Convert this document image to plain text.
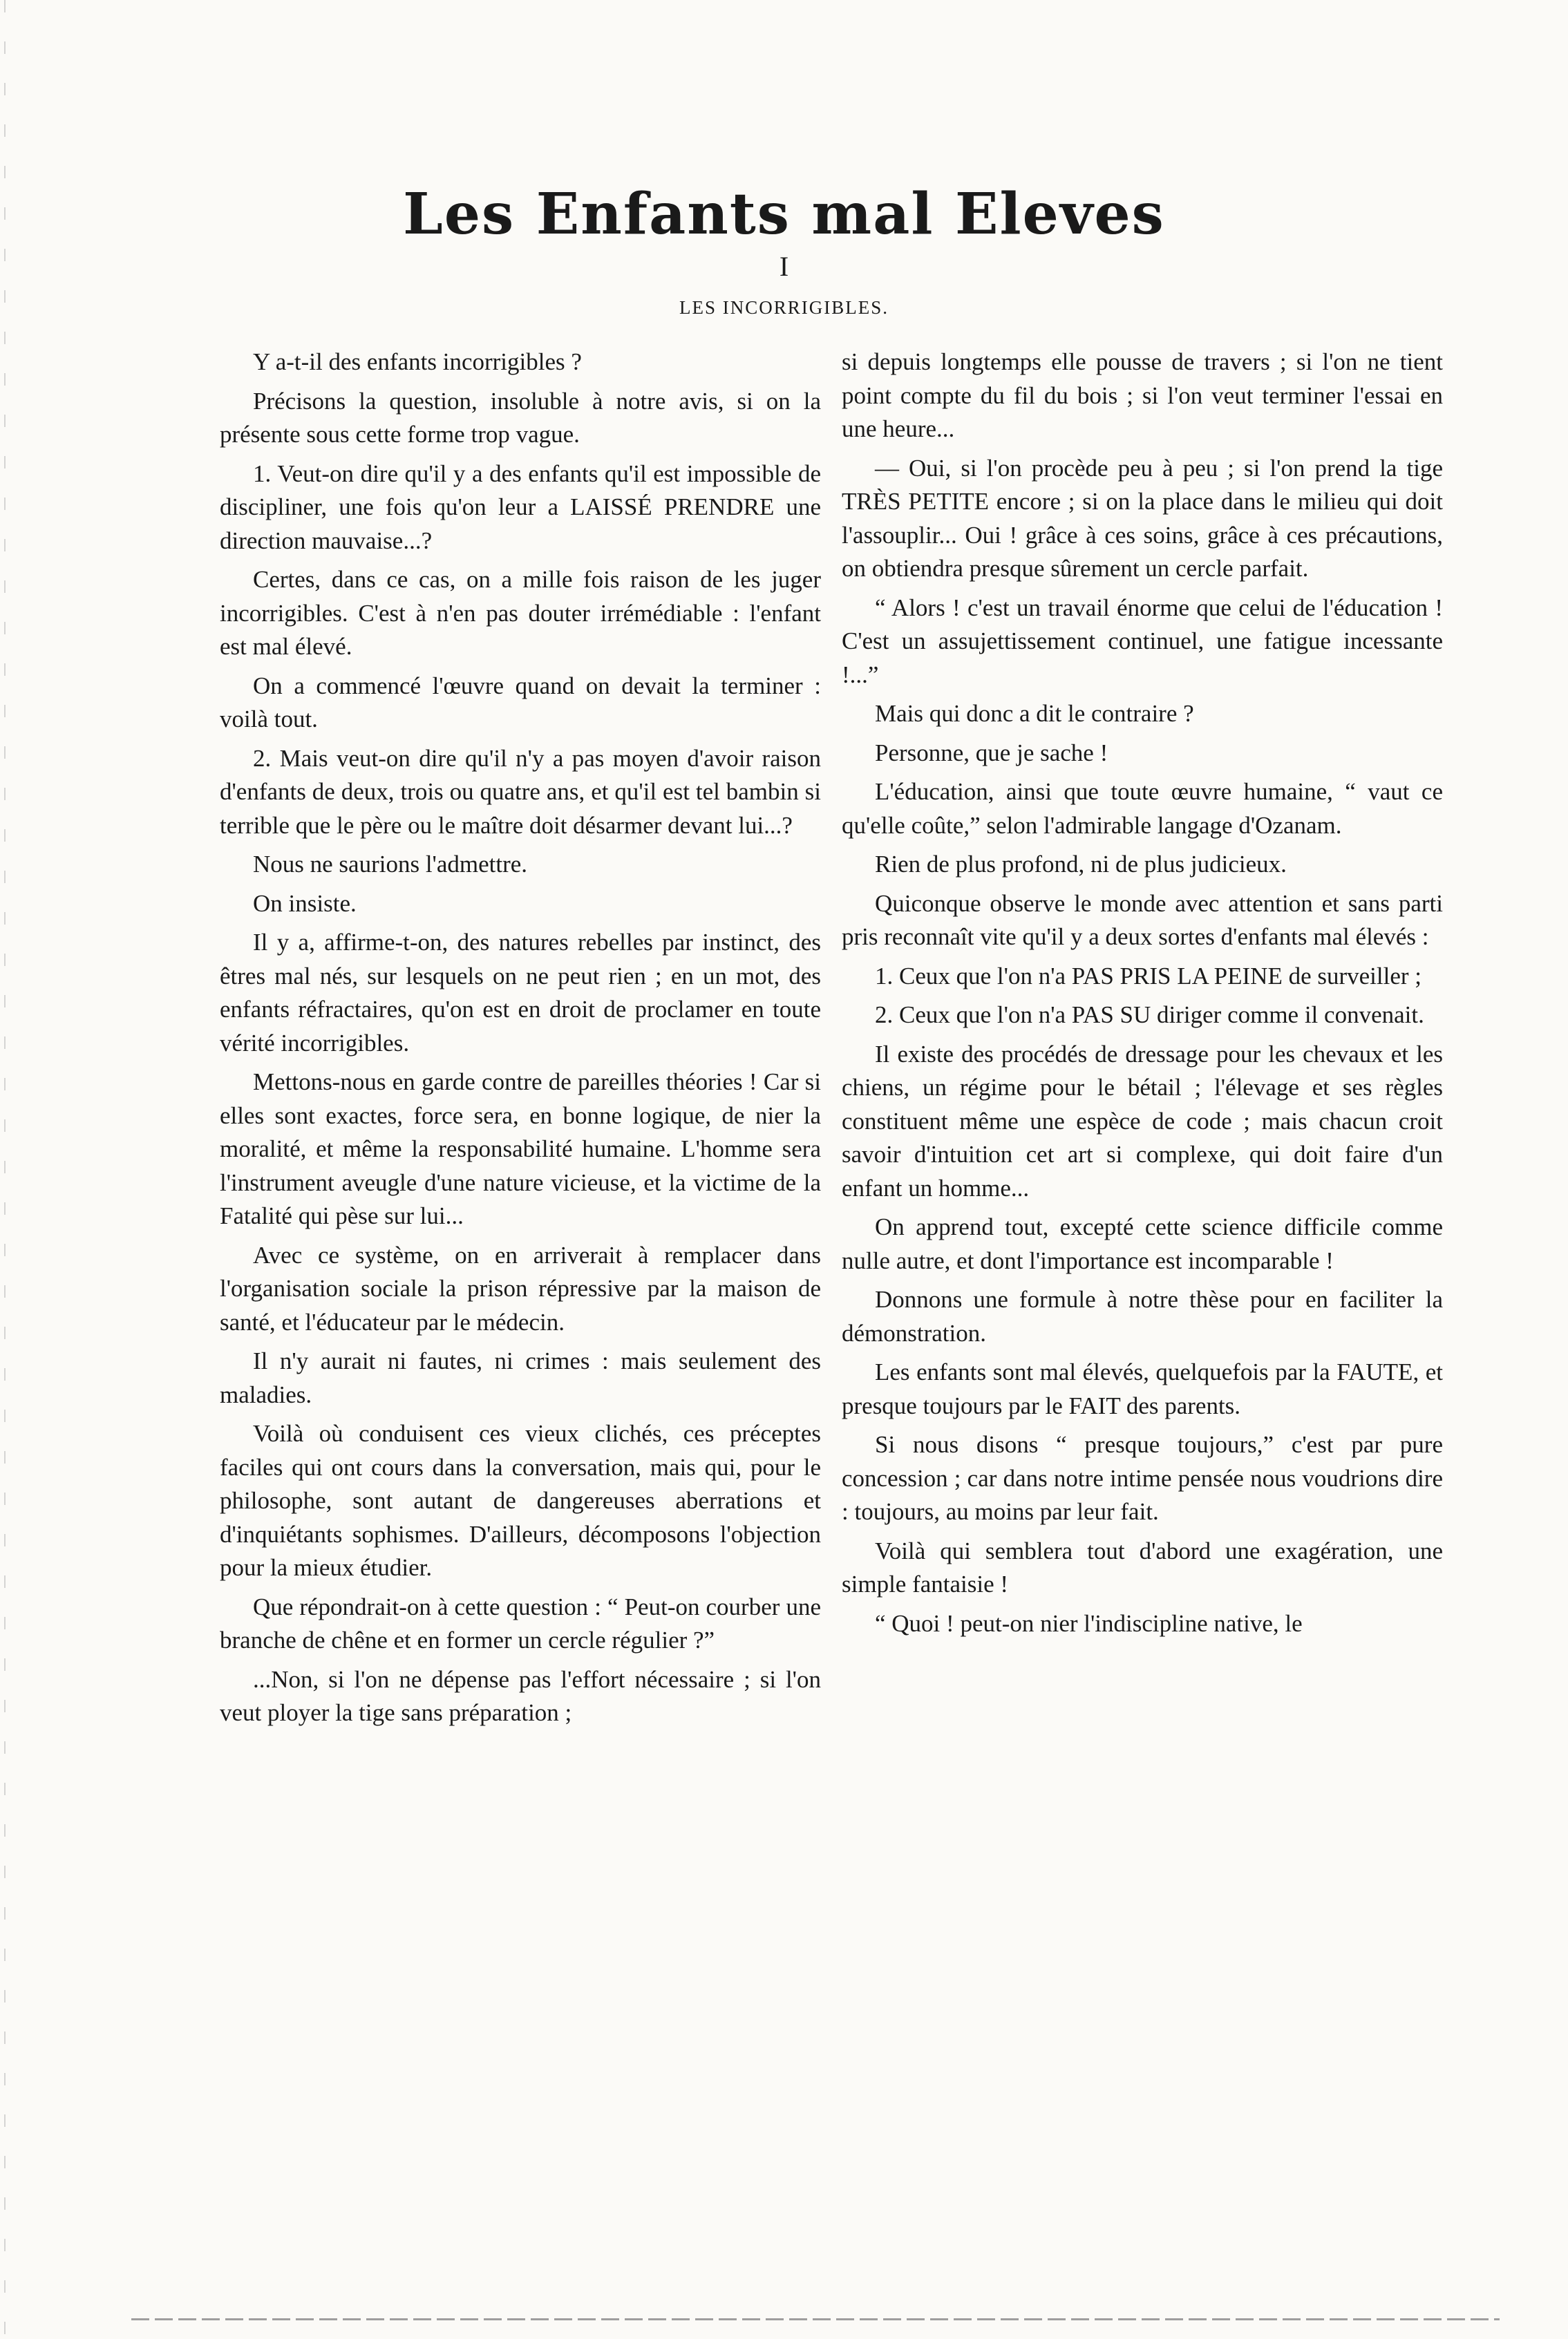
Les Enfants mal Eleves
I
LES INCORRIGIBLES.

Y a-t-il des enfants incorrigibles ?

Précisons la question, insoluble à notre avis, si on la présente sous cette forme trop vague.

1. Veut-on dire qu'il y a des enfants qu'il est impossible de discipliner, une fois qu'on leur a LAISSÉ PRENDRE une direction mauvaise...?

Certes, dans ce cas, on a mille fois raison de les juger incorrigibles. C'est à n'en pas douter irrémédiable : l'enfant est mal élevé.

On a commencé l'œuvre quand on devait la terminer : voilà tout.

2. Mais veut-on dire qu'il n'y a pas moyen d'avoir raison d'enfants de deux, trois ou quatre ans, et qu'il est tel bambin si terrible que le père ou le maître doit désarmer devant lui...?

Nous ne saurions l'admettre.

On insiste.

Il y a, affirme-t-on, des natures rebelles par instinct, des êtres mal nés, sur lesquels on ne peut rien ; en un mot, des enfants réfractaires, qu'on est en droit de proclamer en toute vérité incorrigibles.

Mettons-nous en garde contre de pareilles théories ! Car si elles sont exactes, force sera, en bonne logique, de nier la moralité, et même la responsabilité humaine. L'homme sera l'instrument aveugle d'une nature vicieuse, et la victime de la Fatalité qui pèse sur lui...

Avec ce système, on en arriverait à remplacer dans l'organisation sociale la prison répressive par la maison de santé, et l'éducateur par le médecin.

Il n'y aurait ni fautes, ni crimes : mais seulement des maladies.

Voilà où conduisent ces vieux clichés, ces préceptes faciles qui ont cours dans la conversation, mais qui, pour le philosophe, sont autant de dangereuses aberrations et d'inquiétants sophismes. D'ailleurs, décomposons l'objection pour la mieux étudier.

Que répondrait-on à cette question : “ Peut-on courber une branche de chêne et en former un cercle régulier ?”

...Non, si l'on ne dépense pas l'effort nécessaire ; si l'on veut ployer la tige sans préparation ;

si depuis longtemps elle pousse de travers ; si l'on ne tient point compte du fil du bois ; si l'on veut terminer l'essai en une heure...

— Oui, si l'on procède peu à peu ; si l'on prend la tige TRÈS PETITE encore ; si on la place dans le milieu qui doit l'assouplir... Oui ! grâce à ces soins, grâce à ces précautions, on obtiendra presque sûrement un cercle parfait.

“ Alors ! c'est un travail énorme que celui de l'éducation ! C'est un assujettissement continuel, une fatigue incessante !...”

Mais qui donc a dit le contraire ?

Personne, que je sache !

L'éducation, ainsi que toute œuvre humaine, “ vaut ce qu'elle coûte,” selon l'admirable langage d'Ozanam.

Rien de plus profond, ni de plus judicieux.

Quiconque observe le monde avec attention et sans parti pris reconnaît vite qu'il y a deux sortes d'enfants mal élevés :

1. Ceux que l'on n'a PAS PRIS LA PEINE de surveiller ;

2. Ceux que l'on n'a PAS SU diriger comme il convenait.

Il existe des procédés de dressage pour les chevaux et les chiens, un régime pour le bétail ; l'élevage et ses règles constituent même une espèce de code ; mais chacun croit savoir d'intuition cet art si complexe, qui doit faire d'un enfant un homme...

On apprend tout, excepté cette science difficile comme nulle autre, et dont l'importance est incomparable !

Donnons une formule à notre thèse pour en faciliter la démonstration.

Les enfants sont mal élevés, quelquefois par la FAUTE, et presque toujours par le FAIT des parents.

Si nous disons “ presque toujours,” c'est par pure concession ; car dans notre intime pensée nous voudrions dire : toujours, au moins par leur fait.

Voilà qui semblera tout d'abord une exagération, une simple fantaisie !

“ Quoi ! peut-on nier l'indiscipline native, le
